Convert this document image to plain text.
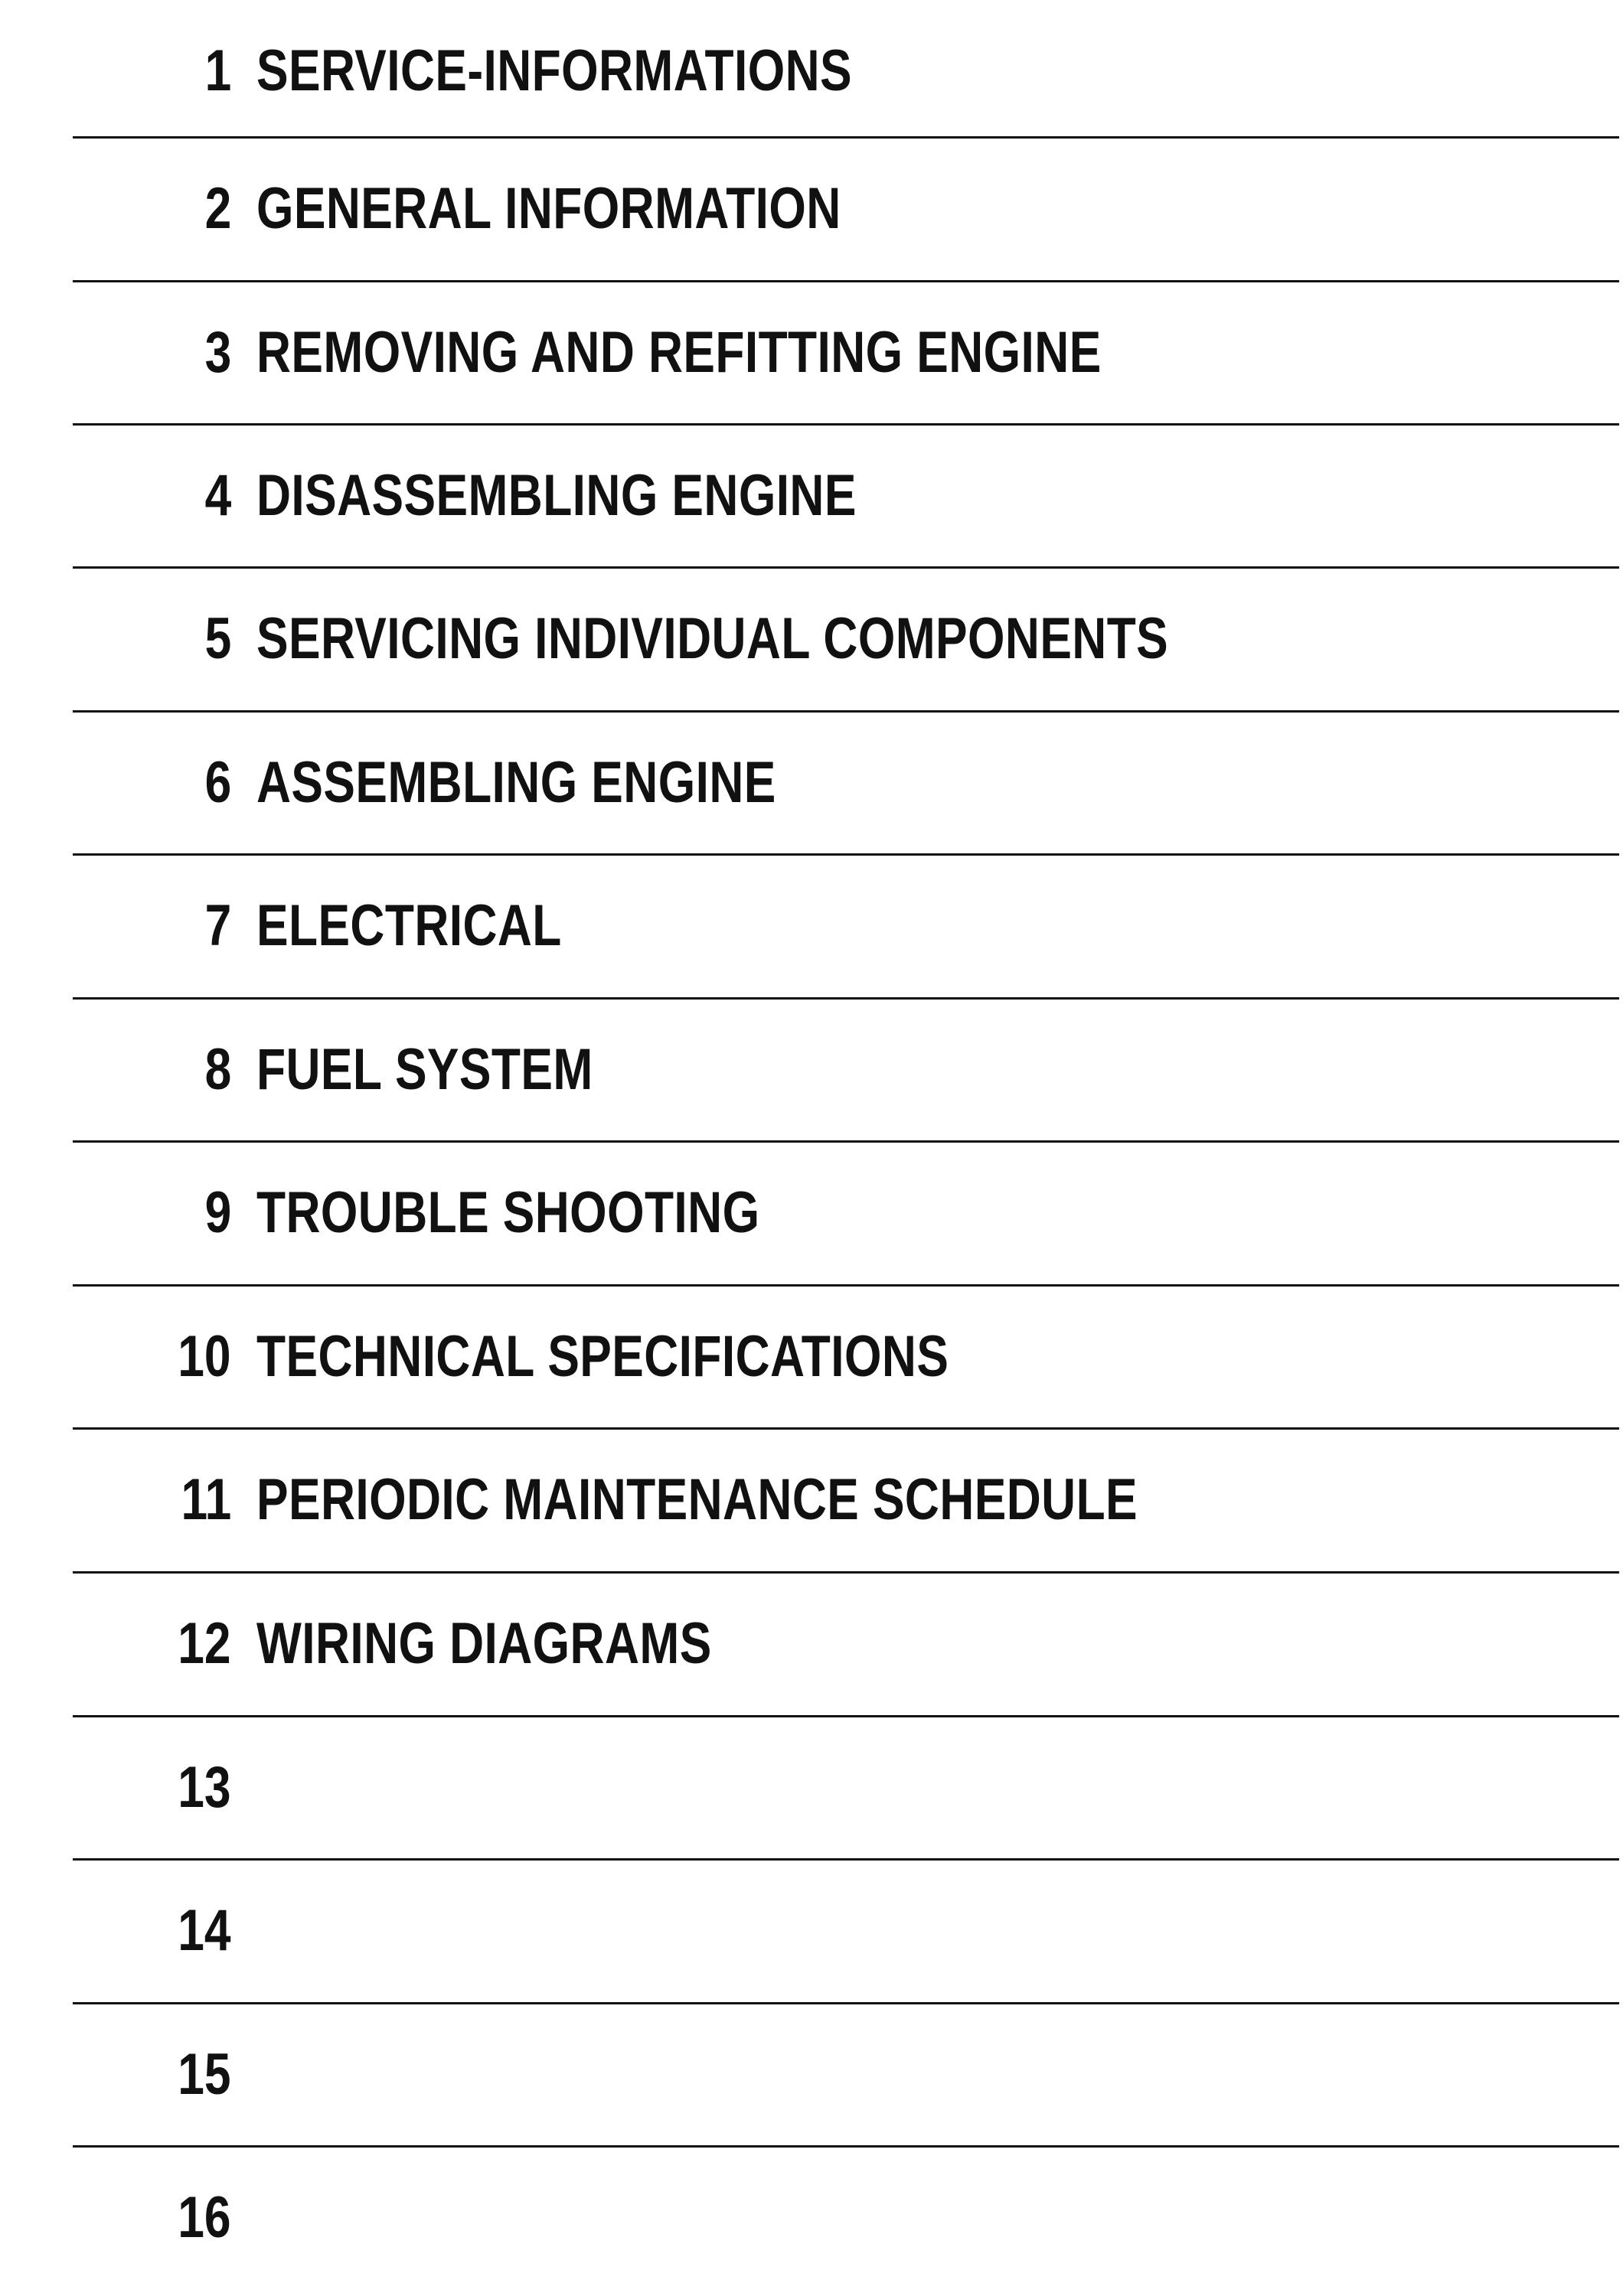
1 SERVICE-INFORMATIONS
2 GENERAL INFORMATION
3 REMOVING AND REFITTING ENGINE
4 DISASSEMBLING ENGINE
5 SERVICING INDIVIDUAL COMPONENTS
6 ASSEMBLING ENGINE
7 ELECTRICAL
8 FUEL SYSTEM
9 TROUBLE SHOOTING
10 TECHNICAL SPECIFICATIONS
11 PERIODIC MAINTENANCE SCHEDULE
12 WIRING DIAGRAMS
13
14
15
16
